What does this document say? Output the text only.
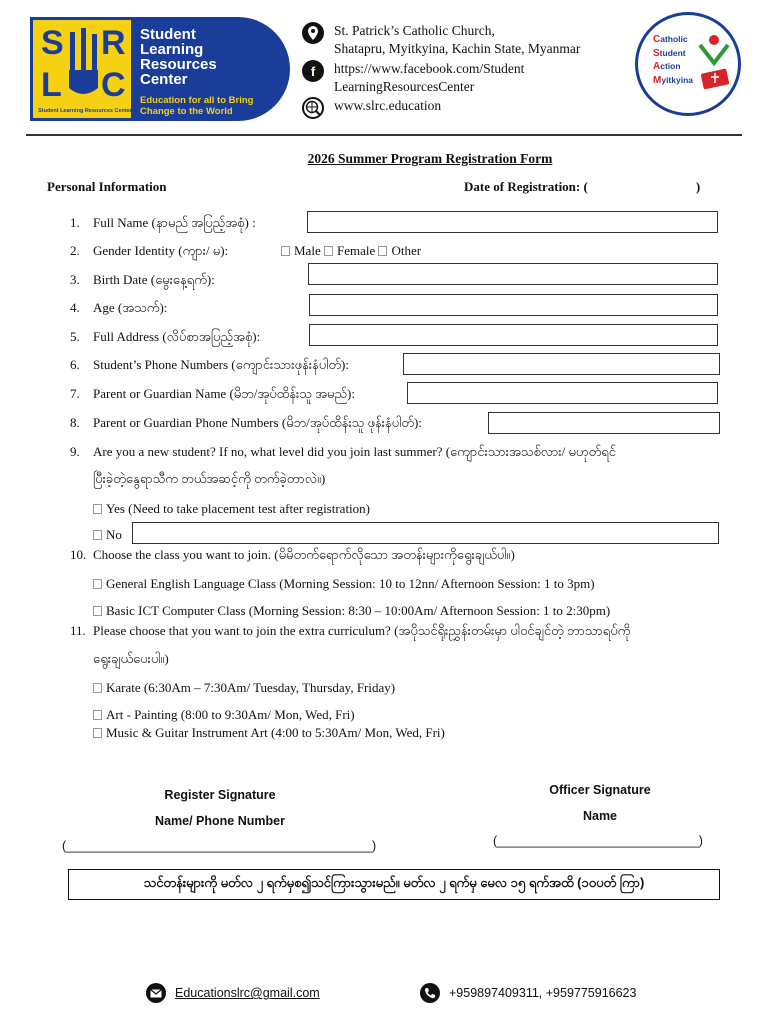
S R
L C
Student Learning Resources Center
Student
Learning
Resources
Center
Education for all to Bring Change to the World
St. Patrick’s Catholic Church,
Shatapru, Myitkyina, Kachin State, Myanmar
f	https://www.facebook.com/Student
LearningResourcesCenter
www.slrc.education
Catholic
Student
Action
Myitkyina
2026 Summer Program Registration Form
Personal Information	Date of Registration: (	)
1. Full Name (နာမည် အပြည့်အစုံ) :
2. Gender Identity (ကျား/ မ):	Male Female Other
3. Birth Date (မွေးနေ့ရက်):
4. Age (အသက်):
5. Full Address (လိပ်စာအပြည့်အစုံ):
6. Student’s Phone Numbers (ကျောင်းသားဖုန်းနံပါတ်):
7. Parent or Guardian Name (မိဘ/အုပ်ထိန်းသူ အမည်):
8. Parent or Guardian Phone Numbers (မိဘ/အုပ်ထိန်းသူ ဖုန်းနံပါတ်):
9. Are you a new student? If no, what level did you join last summer? (ကျောင်းသားအသစ်လား/ မဟုတ်ရင်
ပြီးခဲ့တဲ့နွေရာသီက ဘယ်အဆင့်ကို တက်ခဲ့တာလဲ။)
Yes (Need to take placement test after registration)
No
10. Choose the class you want to join. (မိမိတက်ရောက်လိုသော အတန်းများကိုရွေးချယ်ပါ။)
General English Language Class (Morning Session: 10 to 12nn/ Afternoon Session: 1 to 3pm)
Basic ICT Computer Class (Morning Session: 8:30 – 10:00Am/ Afternoon Session: 1 to 2:30pm)
11. Please choose that you want to join the extra curriculum? (အပိုသင်ရိုးညွှန်းတမ်းမှာ ပါဝင်ချင်တဲ့ ဘာသာရပ်ကို
ရွေးချယ်ပေးပါ။)
Karate (6:30Am – 7:30Am/ Tuesday, Thursday, Friday)
Art - Painting (8:00 to 9:30Am/ Mon, Wed, Fri)
Music & Guitar Instrument Art (4:00 to 5:30Am/ Mon, Wed, Fri)
Register Signature
Name/ Phone Number
(____________________________________________)
Officer Signature
Name
(_____________________________)
သင်တန်းများကို မတ်လ ၂ ရက်မှစ၍သင်ကြားသွားမည်။ မတ်လ ၂ ရက်မှ မေလ ၁၅ ရက်အထိ (၁၀ပတ် ကြာ)
Educationslrc@gmail.com	+959897409311, +959775916623
